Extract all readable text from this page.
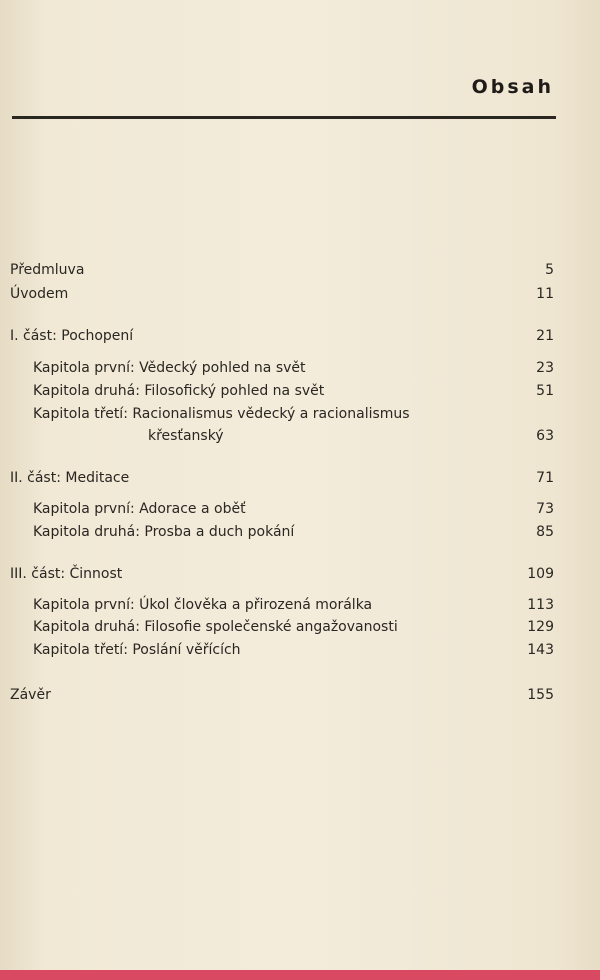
Obsah
Předmluva	5
Úvodem	11
I. část: Pochopení	21
Kapitola první: Vědecký pohled na svět	23
Kapitola druhá: Filosofický pohled na svět	51
Kapitola třetí: Racionalismus vědecký a racionalismus
křesťanský	63
II. část: Meditace	71
Kapitola první: Adorace a oběť	73
Kapitola druhá: Prosba a duch pokání	85
III. část: Činnost	109
Kapitola první: Úkol člověka a přirozená morálka	113
Kapitola druhá: Filosofie společenské angažovanosti	129
Kapitola třetí: Poslání věřících	143
Závěr	155
